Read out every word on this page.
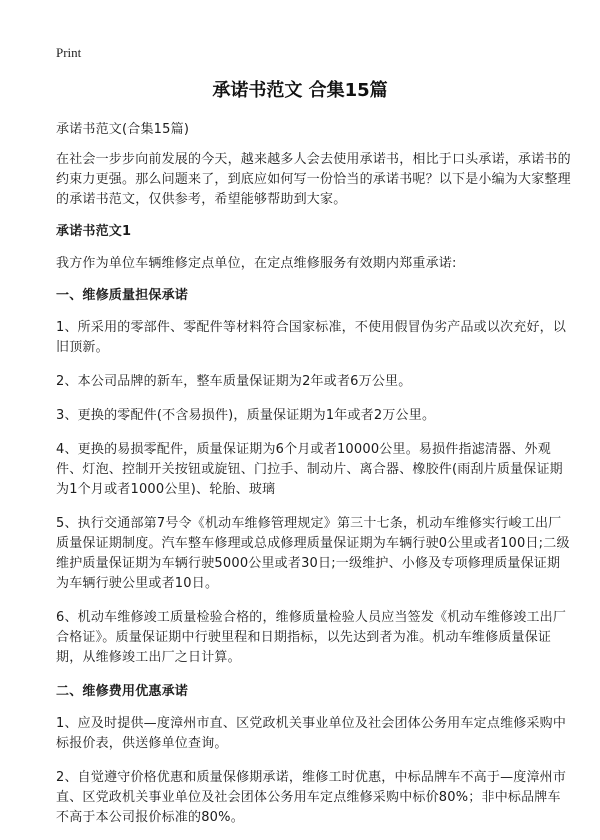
Print
承诺书范文 合集15篇

承诺书范文(合集15篇)

在社会一步步向前发展的今天，越来越多人会去使用承诺书，相比于口头承诺，承诺书的约束力更强。那么问题来了，到底应如何写一份恰当的承诺书呢？以下是小编为大家整理的承诺书范文，仅供参考，希望能够帮助到大家。

承诺书范文1

我方作为单位车辆维修定点单位，在定点维修服务有效期内郑重承诺:

一、维修质量担保承诺

1、所采用的零部件、零配件等材料符合国家标准，不使用假冒伪劣产品或以次充好，以旧顶新。

2、本公司品牌的新车，整车质量保证期为2年或者6万公里。

3、更换的零配件(不含易损件)，质量保证期为1年或者2万公里。

4、更换的易损零配件，质量保证期为6个月或者10000公里。易损件指滤清器、外观件、灯泡、控制开关按钮或旋钮、门拉手、制动片、离合器、橡胶件(雨刮片质量保证期为1个月或者1000公里)、轮胎、玻璃

5、执行交通部第7号令《机动车维修管理规定》第三十七条，机动车维修实行峻工出厂质量保证期制度。汽车整车修理或总成修理质量保证期为车辆行驶0公里或者100日;二级维护质量保证期为车辆行驶5000公里或者30日;一级维护、小修及专项修理质量保证期为车辆行驶公里或者10日。

6、机动车维修竣工质量检验合格的，维修质量检验人员应当签发《机动车维修竣工出厂合格证》。质量保证期中行驶里程和日期指标，以先达到者为准。机动车维修质量保证期，从维修竣工出厂之日计算。

二、维修费用优惠承诺

1、应及时提供—度漳州市直、区党政机关事业单位及社会团体公务用车定点维修采购中标报价表，供送修单位查询。

2、自觉遵守价格优惠和质量保修期承诺，维修工时优惠，中标品牌车不高于—度漳州市直、区党政机关事业单位及社会团体公务用车定点维修采购中标价80%；非中标品牌车不高于本公司报价标准的80%。
